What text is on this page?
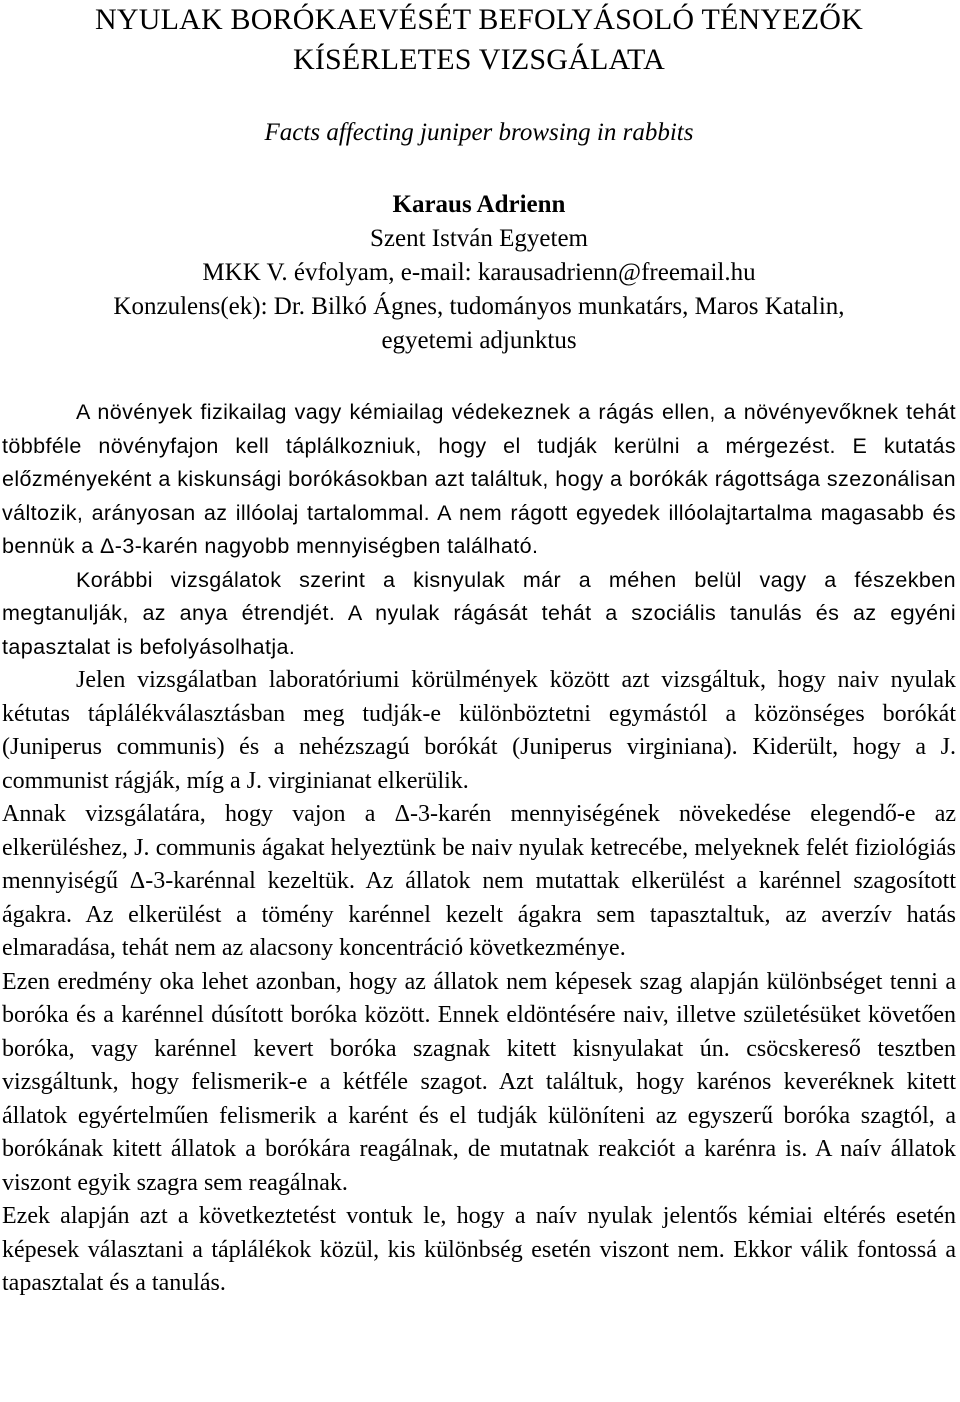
NYULAK BORÓKAEVÉSÉT BEFOLYÁSOLÓ TÉNYEZŐK
KÍSÉRLETES VIZSGÁLATA

Facts affecting juniper browsing in rabbits

Karaus Adrienn
Szent István Egyetem
MKK V. évfolyam, e-mail: karausadrienn@freemail.hu
Konzulens(ek): Dr. Bilkó Ágnes, tudományos munkatárs, Maros Katalin,
egyetemi adjunktus

A növények fizikailag vagy kémiailag védekeznek a rágás ellen, a növényevőknek tehát többféle növényfajon kell táplálkozniuk, hogy el tudják kerülni a mérgezést. E kutatás előzményeként a kiskunsági borókásokban azt találtuk, hogy a borókák rágottsága szezonálisan változik, arányosan az illóolaj tartalommal. A nem rágott egyedek illóolajtartalma magasabb és bennük a Δ-3-karén nagyobb mennyiségben található.

Korábbi vizsgálatok szerint a kisnyulak már a méhen belül vagy a fészekben megtanulják, az anya étrendjét. A nyulak rágását tehát a szociális tanulás és az egyéni tapasztalat is befolyásolhatja.

Jelen vizsgálatban laboratóriumi körülmények között azt vizsgáltuk, hogy naiv nyulak kétutas táplálékválasztásban meg tudják-e különböztetni egymástól a közönséges borókát (Juniperus communis) és a nehézszagú borókát (Juniperus virginiana). Kiderült, hogy a J. communist rágják, míg a J. virginianat elkerülik.

Annak vizsgálatára, hogy vajon a Δ-3-karén mennyiségének növekedése elegendő-e az elkerüléshez, J. communis ágakat helyeztünk be naiv nyulak ketrecébe, melyeknek felét fiziológiás mennyiségű Δ-3-karénnal kezeltük. Az állatok nem mutattak elkerülést a karénnel szagosított ágakra. Az elkerülést a tömény karénnel kezelt ágakra sem tapasztaltuk, az averzív hatás elmaradása, tehát nem az alacsony koncentráció következménye.

Ezen eredmény oka lehet azonban, hogy az állatok nem képesek szag alapján különbséget tenni a boróka és a karénnel dúsított boróka között. Ennek eldöntésére naiv, illetve születésüket követően boróka, vagy karénnel kevert boróka szagnak kitett kisnyulakat ún. csöcskereső tesztben vizsgáltunk, hogy felismerik-e a kétféle szagot. Azt találtuk, hogy karénos keveréknek kitett állatok egyértelműen felismerik a karént és el tudják különíteni az egyszerű boróka szagtól, a borókának kitett állatok a borókára reagálnak, de mutatnak reakciót a karénra is. A naív állatok viszont egyik szagra sem reagálnak.

Ezek alapján azt a következtetést vontuk le, hogy a naív nyulak jelentős kémiai eltérés esetén képesek választani a táplálékok közül, kis különbség esetén viszont nem. Ekkor válik fontossá a tapasztalat és a tanulás.
